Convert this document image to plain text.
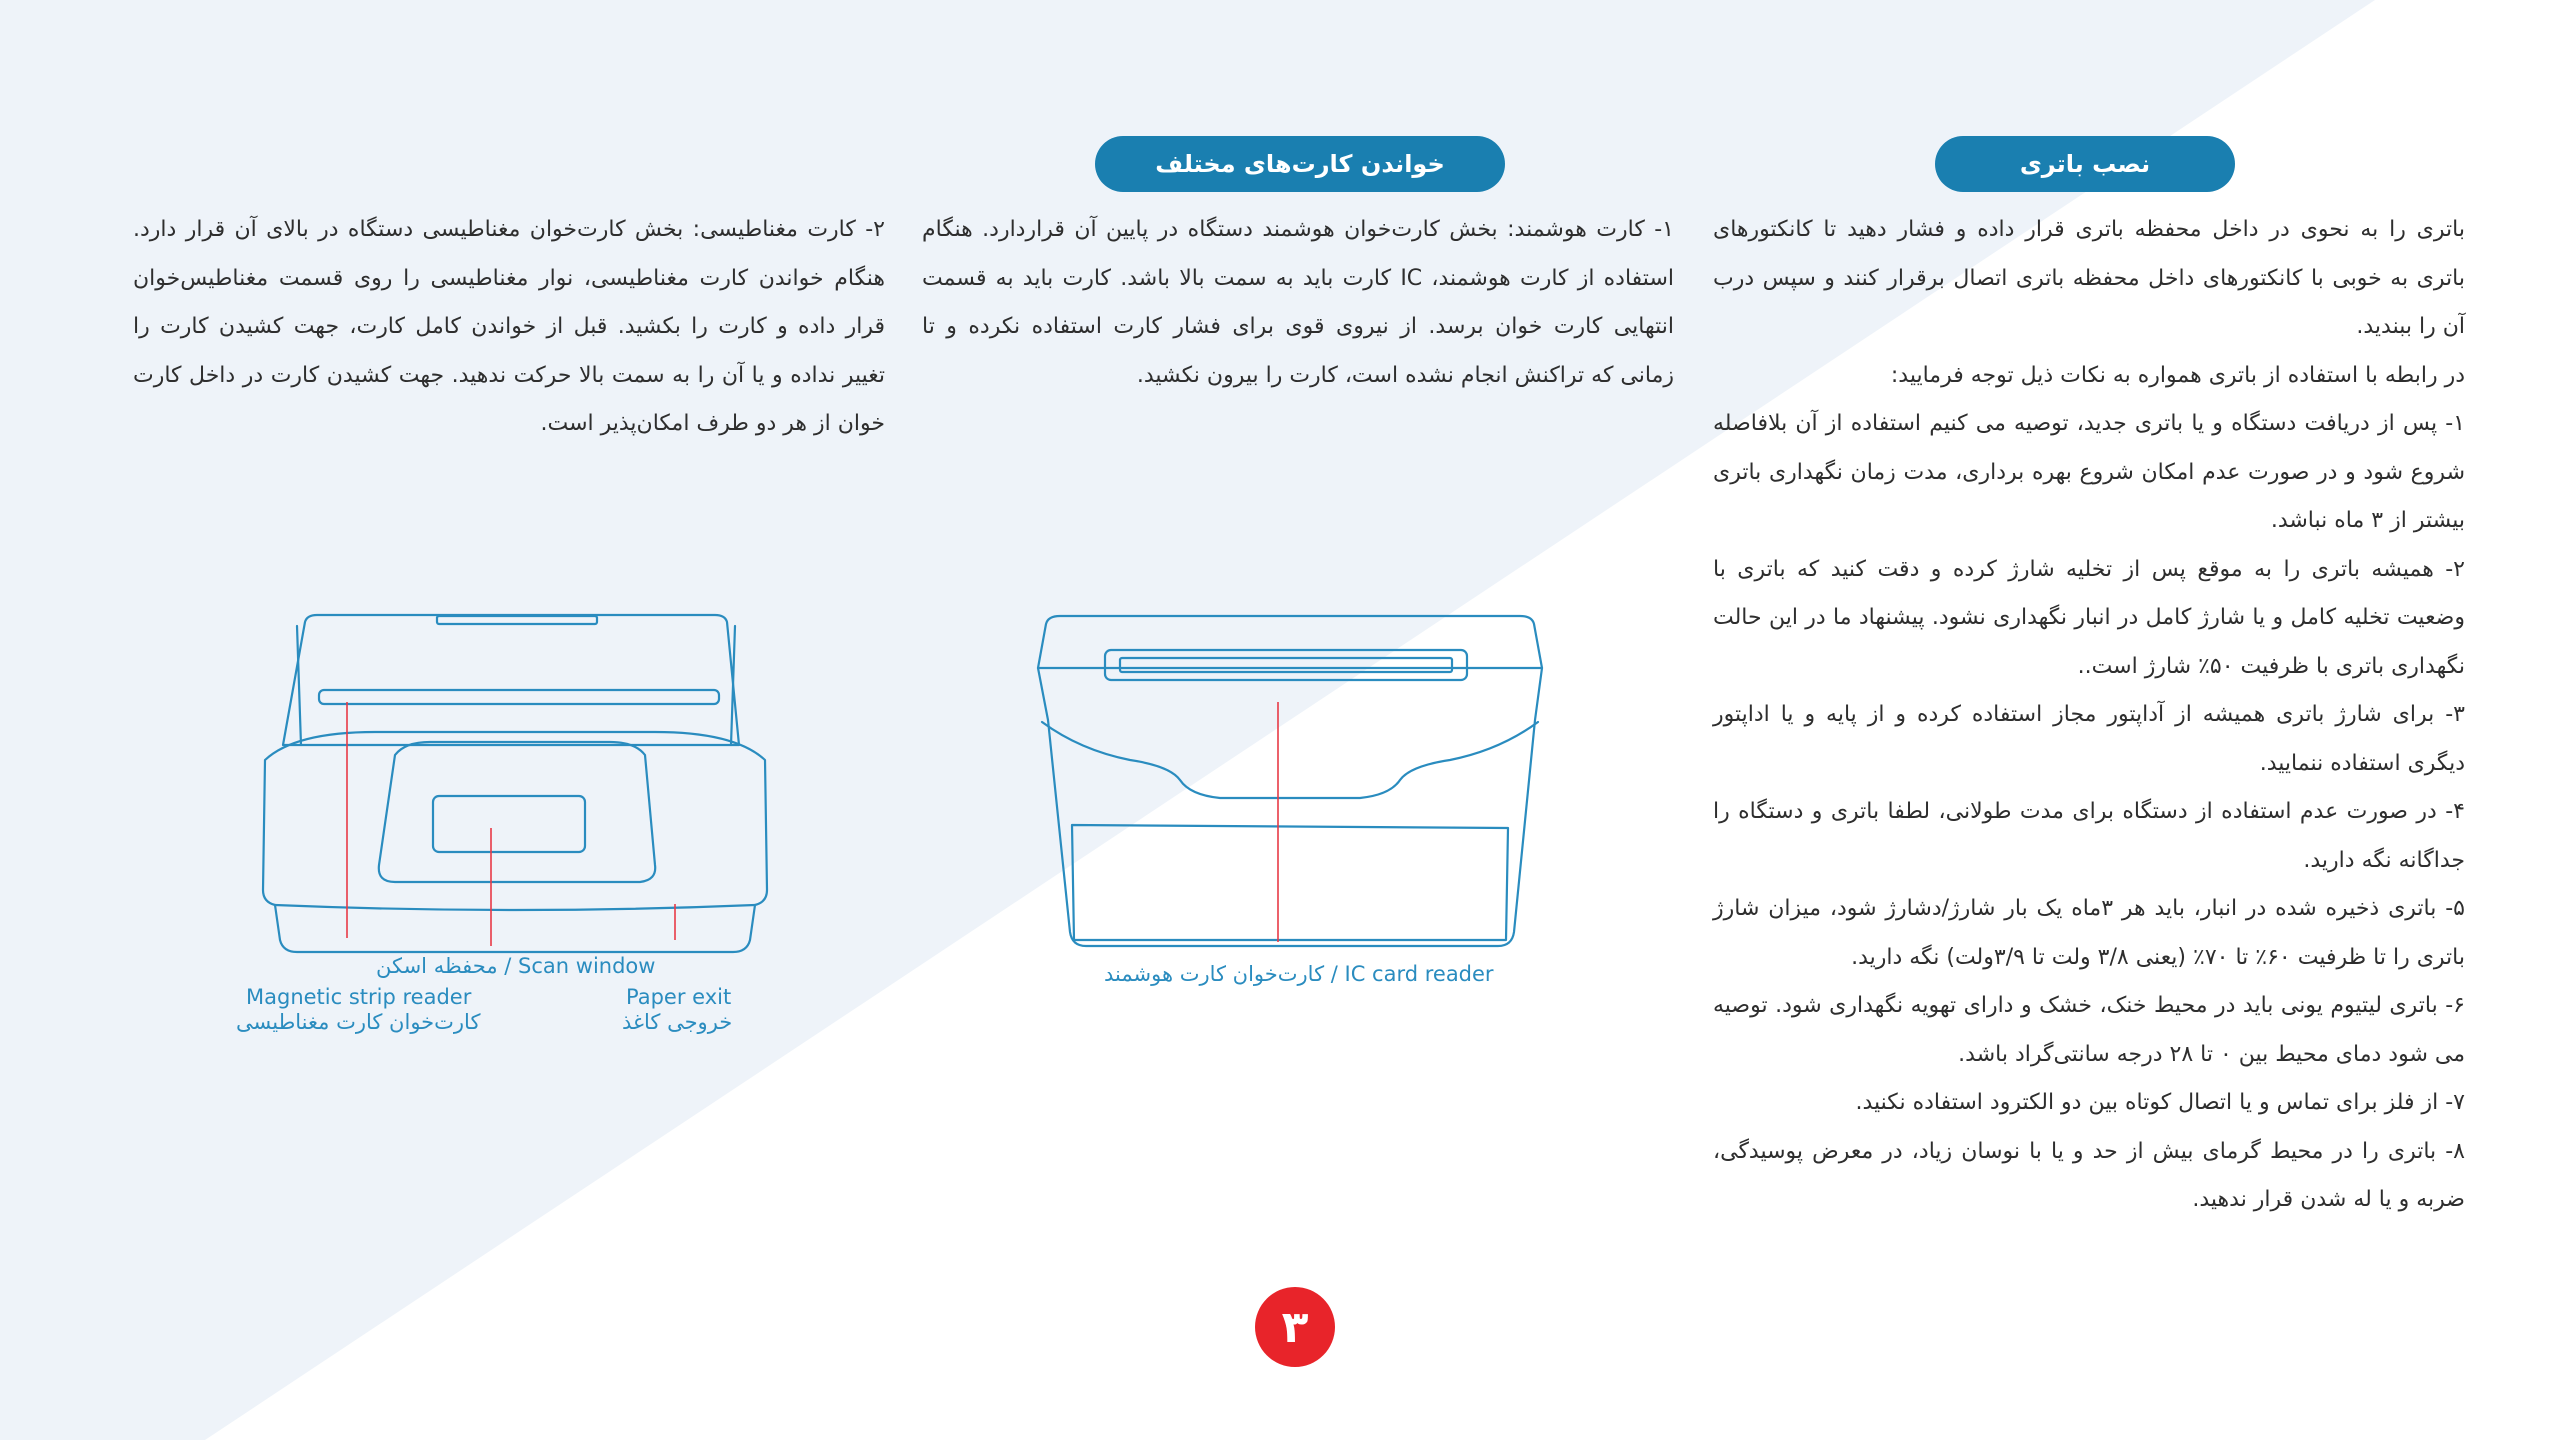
نصب باتری
خواندن کارت‌های مختلف

باتری را به نحوی در داخل محفظه باتری قرار داده و فشار دهید تا کانکتورهای باتری به خوبی با کانکتورهای داخل محفظه باتری اتصال برقرار کنند و سپس درب آن را ببندید.

در رابطه با استفاده از باتری همواره به نکات ذیل توجه فرمایید:

۱- پس از دریافت دستگاه و یا باتری جدید، توصیه می کنیم استفاده از آن بلافاصله شروع شود و در صورت عدم امکان شروع بهره برداری، مدت زمان نگهداری باتری بیشتر از ۳ ماه نباشد.

۲- همیشه باتری را به موقع پس از تخلیه شارژ کرده و دقت کنید که باتری با وضعیت تخلیه کامل و یا شارژ کامل در انبار نگهداری نشود. پیشنهاد ما در این حالت نگهداری باتری با ظرفیت ۵۰٪ شارژ است..

۳- برای شارژ باتری همیشه از آداپتور مجاز استفاده کرده و از پایه و یا اداپتور دیگری استفاده ننمایید.

۴- در صورت عدم استفاده از دستگاه برای مدت طولانی، لطفا باتری و دستگاه را جداگانه نگه دارید.

۵- باتری ذخیره شده در انبار، باید هر ۳ماه یک بار شارژ/دشارژ شود، میزان شارژ باتری را تا ظرفیت ۶۰٪ تا ۷۰٪ (یعنی ۳/۸ ولت تا ۳/۹ولت) نگه دارید.

۶- باتری لیتیوم یونی باید در محیط خنک، خشک و دارای تهویه نگهداری شود. توصیه می شود دمای محیط بین ۰ تا ۲۸ درجه سانتی‌گراد باشد.

۷- از فلز برای تماس و یا اتصال کوتاه بین دو الکترود استفاده نکنید.

۸- باتری را در محیط گرمای بیش از حد و یا با نوسان زیاد، در معرض پوسیدگی، ضربه و یا له شدن قرار ندهید.

۱- کارت هوشمند: بخش کارت‌خوان هوشمند دستگاه در پایین آن قراردارد. هنگام استفاده از کارت هوشمند، IC کارت باید به سمت بالا باشد. کارت باید به قسمت انتهایی کارت خوان برسد. از نیروی قوی برای فشار کارت استفاده نکرده و تا زمانی که تراکنش انجام نشده است، کارت را بیرون نکشید.
۲- کارت مغناطیسی: بخش کارت‌خوان مغناطیسی دستگاه در بالای آن قرار دارد. هنگام خواندن کارت مغناطیسی، نوار مغناطیسی را روی قسمت مغناطیس‌خوان قرار داده و کارت را بکشید. قبل از خواندن کامل کارت، جهت کشیدن کارت را تغییر نداده و یا آن را به سمت بالا حرکت ندهید. جهت کشیدن کارت در داخل کارت خوان از هر دو طرف امکان‌پذیر است.
محفظه اسکن / Scan window
Magnetic strip reader
کارت‌خوان کارت مغناطیسی
Paper exit
خروجی کاغذ
کارت‌خوان کارت هوشمند / IC card reader
۳
